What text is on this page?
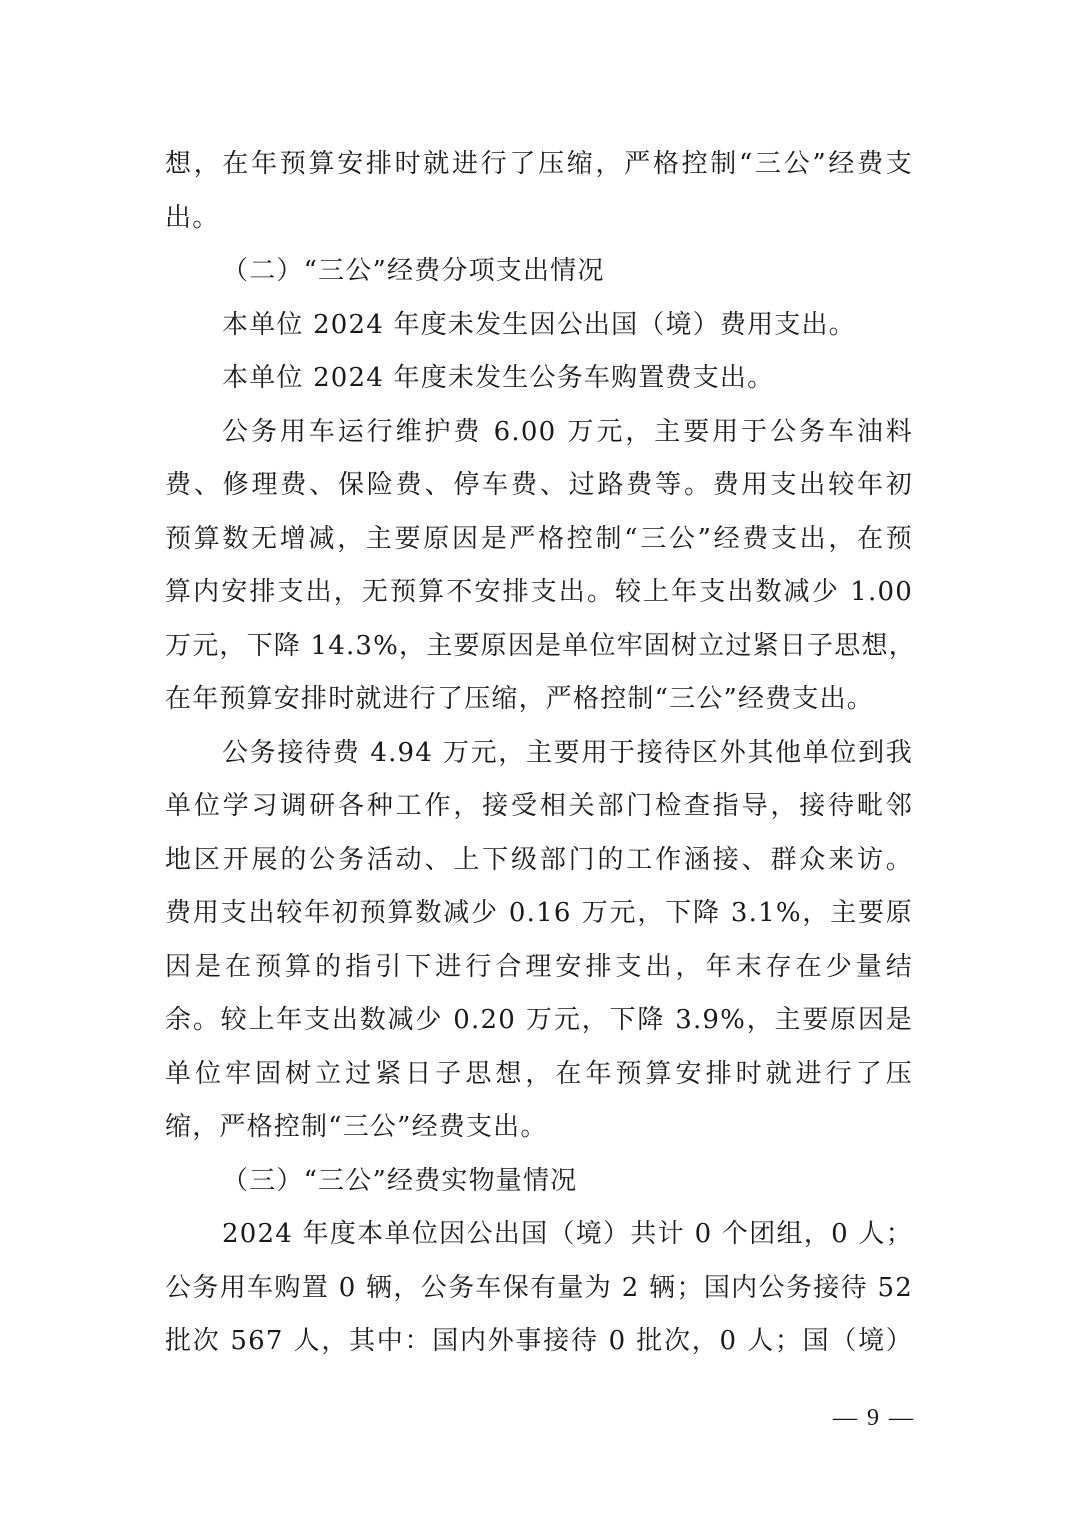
想，在年预算安排时就进行了压缩，严格控制“三公”经费支
出。
（二）“三公”经费分项支出情况
本单位 2024 年度未发生因公出国（境）费用支出。
本单位 2024 年度未发生公务车购置费支出。
公务用车运行维护费 6.00 万元，主要用于公务车油料
费、修理费、保险费、停车费、过路费等。费用支出较年初
预算数无增减，主要原因是严格控制“三公”经费支出，在预
算内安排支出，无预算不安排支出。较上年支出数减少 1.00
万元，下降 14.3%，主要原因是单位牢固树立过紧日子思想，
在年预算安排时就进行了压缩，严格控制“三公”经费支出。
公务接待费 4.94 万元，主要用于接待区外其他单位到我
单位学习调研各种工作，接受相关部门检查指导，接待毗邻
地区开展的公务活动、上下级部门的工作涵接、群众来访。
费用支出较年初预算数减少 0.16 万元，下降 3.1%，主要原
因是在预算的指引下进行合理安排支出，年末存在少量结
余。较上年支出数减少 0.20 万元，下降 3.9%，主要原因是
单位牢固树立过紧日子思想，在年预算安排时就进行了压
缩，严格控制“三公”经费支出。
（三）“三公”经费实物量情况
2024 年度本单位因公出国（境）共计 0 个团组，0 人；
公务用车购置 0 辆，公务车保有量为 2 辆；国内公务接待 52
批次 567 人，其中：国内外事接待 0 批次，0 人；国（境）
— 9 —
